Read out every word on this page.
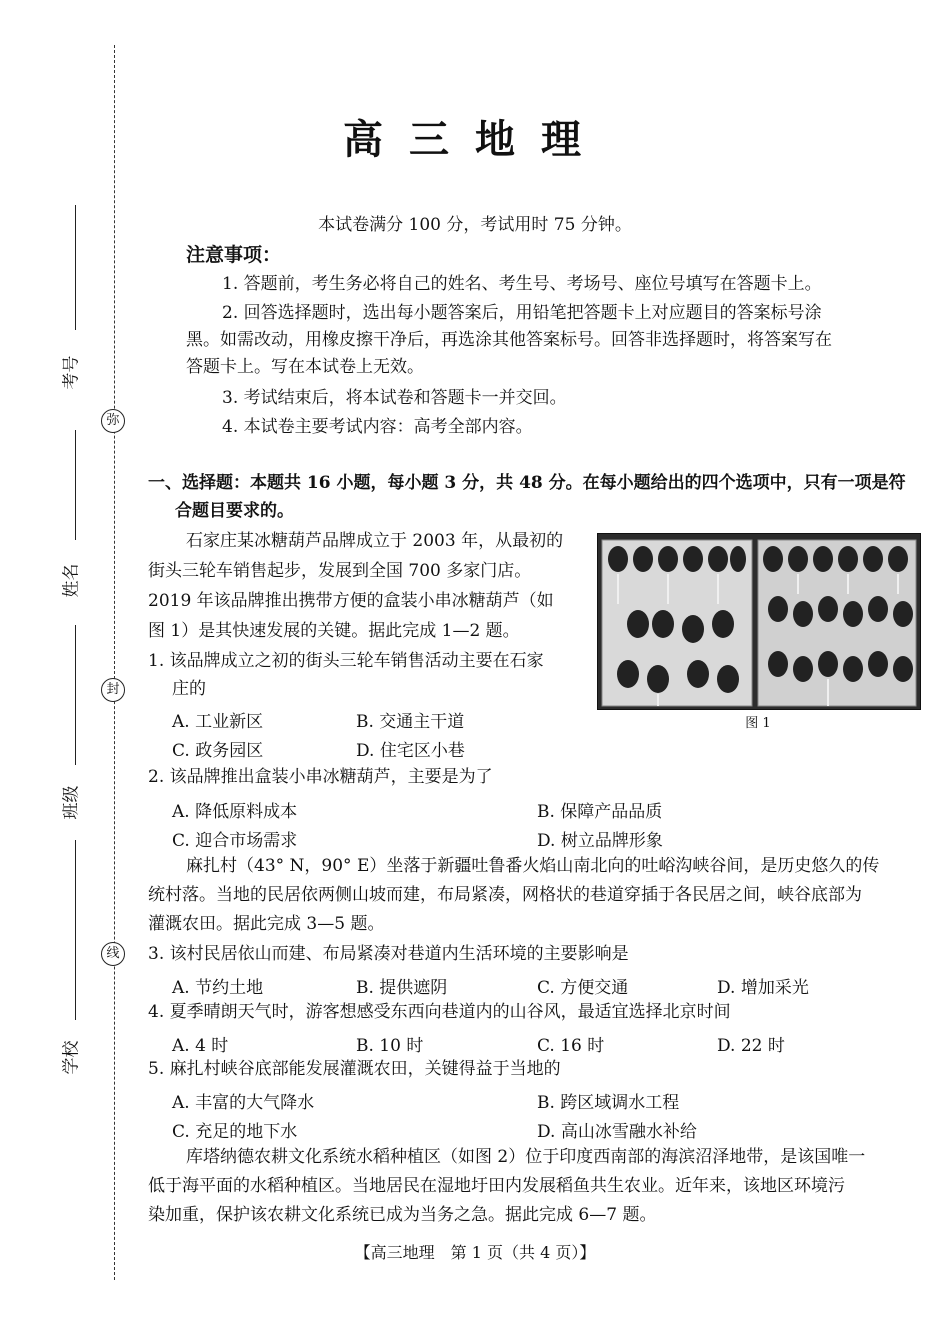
弥
封
线
考号
姓名
班级
学校
高三地理
本试卷满分 100 分，考试用时 75 分钟。
注意事项：
1. 答题前，考生务必将自己的姓名、考生号、考场号、座位号填写在答题卡上。
2. 回答选择题时，选出每小题答案后，用铅笔把答题卡上对应题目的答案标号涂
黑。如需改动，用橡皮擦干净后，再选涂其他答案标号。回答非选择题时，将答案写在
答题卡上。写在本试卷上无效。
3. 考试结束后，将本试卷和答题卡一并交回。
4. 本试卷主要考试内容：高考全部内容。
一、选择题：本题共 16 小题，每小题 3 分，共 48 分。在每小题给出的四个选项中，只有一项是符
合题目要求的。
石家庄某冰糖葫芦品牌成立于 2003 年，从最初的
街头三轮车销售起步，发展到全国 700 多家门店。
2019 年该品牌推出携带方便的盒装小串冰糖葫芦（如
图 1）是其快速发展的关键。据此完成 1—2 题。
图 1
1. 该品牌成立之初的街头三轮车销售活动主要在石家
庄的
A. 工业新区	B. 交通主干道
C. 政务园区	D. 住宅区小巷
2. 该品牌推出盒装小串冰糖葫芦，主要是为了
A. 降低原料成本	B. 保障产品品质
C. 迎合市场需求	D. 树立品牌形象
麻扎村（43° N，90° E）坐落于新疆吐鲁番火焰山南北向的吐峪沟峡谷间，是历史悠久的传
统村落。当地的民居依两侧山坡而建，布局紧凑，网格状的巷道穿插于各民居之间，峡谷底部为
灌溉农田。据此完成 3—5 题。
3. 该村民居依山而建、布局紧凑对巷道内生活环境的主要影响是
A. 节约土地	B. 提供遮阴	C. 方便交通	D. 增加采光
4. 夏季晴朗天气时，游客想感受东西向巷道内的山谷风，最适宜选择北京时间
A. 4 时	B. 10 时	C. 16 时	D. 22 时
5. 麻扎村峡谷底部能发展灌溉农田，关键得益于当地的
A. 丰富的大气降水	B. 跨区域调水工程
C. 充足的地下水	D. 高山冰雪融水补给
库塔纳德农耕文化系统水稻种植区（如图 2）位于印度西南部的海滨沼泽地带，是该国唯一
低于海平面的水稻种植区。当地居民在湿地圩田内发展稻鱼共生农业。近年来，该地区环境污
染加重，保护该农耕文化系统已成为当务之急。据此完成 6—7 题。
【高三地理　第 1 页（共 4 页）】
